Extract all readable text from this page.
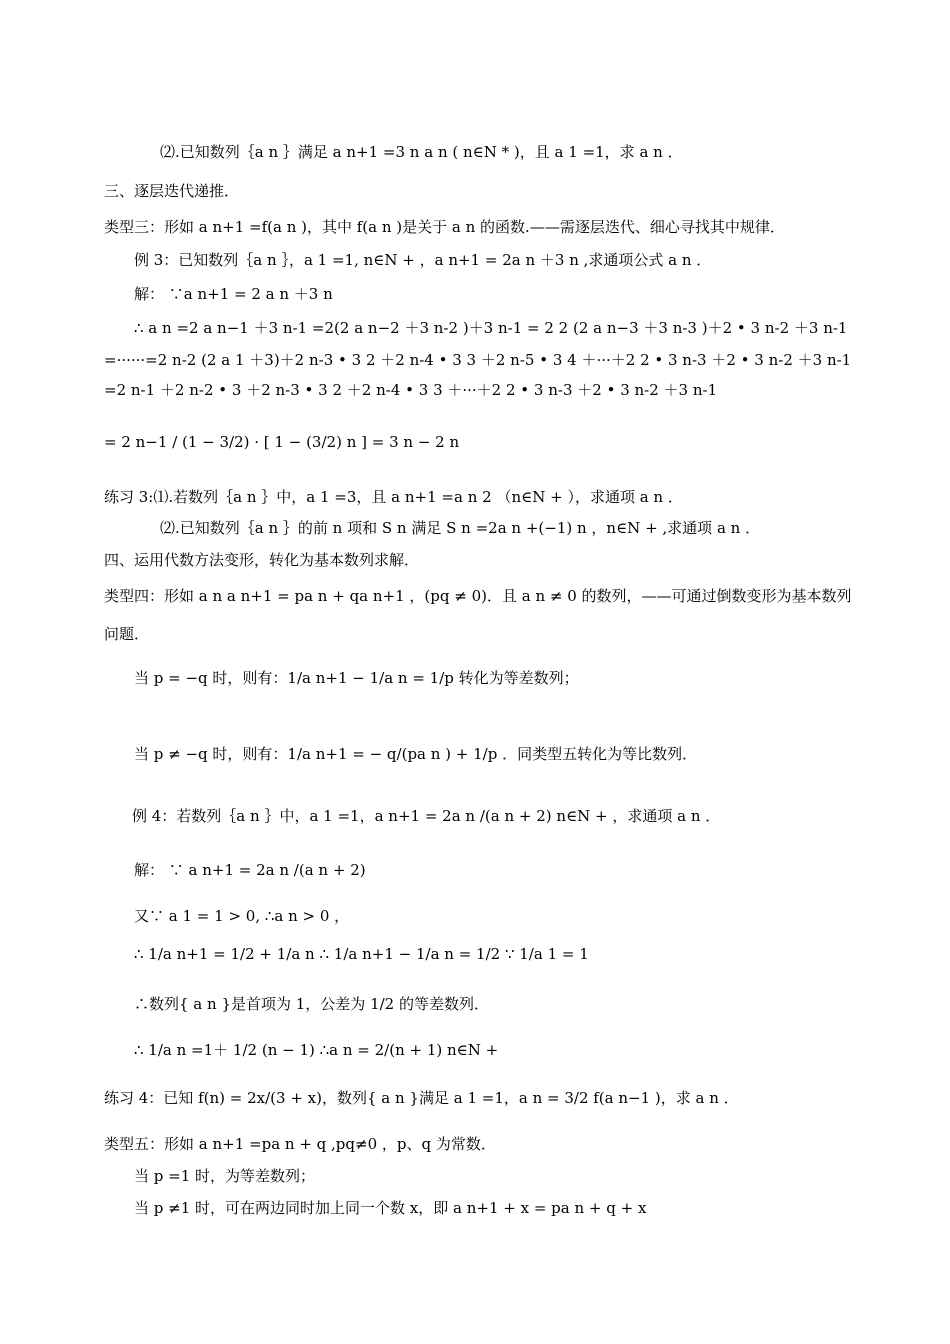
⑵.已知数列｛a n ｝满足 a n+1 =3 n a n ( n∈N * )，且 a 1 =1，求 a n ．
三、逐层迭代递推．
类型三：形如 a n+1 =f(a n )，其中 f(a n )是关于 a n 的函数.——需逐层迭代、细心寻找其中规律．
例 3：已知数列｛a n ｝，a 1 =1, n∈N + ，a n+1 = 2a n ＋3 n ,求通项公式 a n ．
解： ∵a n+1 = 2 a n ＋3 n
∴ a n =2 a n−1 ＋3 n-1 =2(2 a n−2 ＋3 n-2 )＋3 n-1 = 2 2 (2 a n−3 ＋3 n-3 )＋2 • 3 n-2 ＋3 n-1
=······=2 n-2 (2 a 1 ＋3)＋2 n-3 • 3 2 ＋2 n-4 • 3 3 ＋2 n-5 • 3 4 ＋···＋2 2 • 3 n-3 ＋2 • 3 n-2 ＋3 n-1
=2 n-1 ＋2 n-2 • 3 ＋2 n-3 • 3 2 ＋2 n-4 • 3 3 ＋···＋2 2 • 3 n-3 ＋2 • 3 n-2 ＋3 n-1
= 2 n−1 / (1 − 3/2) · [ 1 − (3/2) n ] = 3 n − 2 n
练习 3:⑴.若数列｛a n ｝中，a 1 =3，且 a n+1 =a n 2 （n∈N + ），求通项 a n ．
⑵.已知数列｛a n ｝的前 n 项和 S n 满足 S n =2a n +(−1) n ，n∈N + ,求通项 a n ．
四、运用代数方法变形，转化为基本数列求解．
类型四：形如 a n a n+1 = pa n + qa n+1 ，(pq ≠ 0)．且 a n ≠ 0 的数列，——可通过倒数变形为基本数列
问题．
当 p = −q 时，则有：1/a n+1 − 1/a n = 1/p 转化为等差数列；
当 p ≠ −q 时，则有：1/a n+1 = − q/(pa n ) + 1/p ．同类型五转化为等比数列．
例 4：若数列｛a n ｝中，a 1 =1，a n+1 = 2a n /(a n + 2) n∈N + ，求通项 a n ．
解： ∵ a n+1 = 2a n /(a n + 2)
又∵ a 1 = 1 > 0, ∴a n > 0 ，
∴ 1/a n+1 = 1/2 + 1/a n ∴ 1/a n+1 − 1/a n = 1/2 ∵ 1/a 1 = 1
∴数列{ a n }是首项为 1，公差为 1/2 的等差数列．
∴ 1/a n =1＋ 1/2 (n − 1) ∴a n = 2/(n + 1) n∈N +
练习 4：已知 f(n) = 2x/(3 + x)，数列{ a n }满足 a 1 =1，a n = 3/2 f(a n−1 )，求 a n ．
类型五：形如 a n+1 =pa n + q ,pq≠0 ，p、q 为常数．
当 p =1 时，为等差数列；
当 p ≠1 时，可在两边同时加上同一个数 x，即 a n+1 + x = pa n + q + x
